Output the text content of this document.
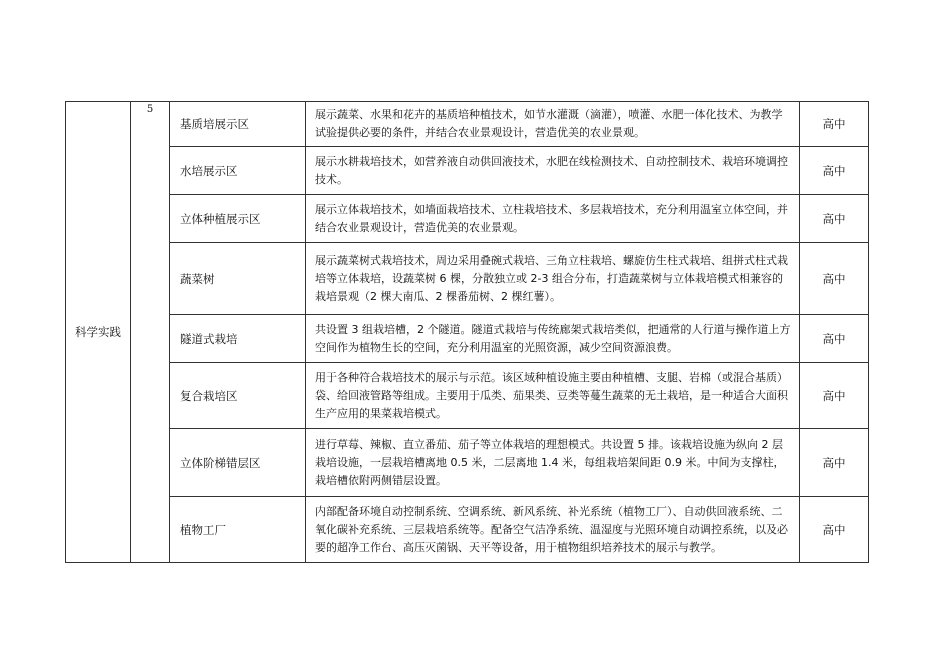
科学实践	5	基质培展示区	展示蔬菜、水果和花卉的基质培种植技术，如节水灌溉（滴灌），喷灌、水肥一体化技术、为教学试验提供必要的条件，并结合农业景观设计，营造优美的农业景观。	高中
		水培展示区	展示水耕栽培技术，如营养液自动供回液技术，水肥在线检测技术、自动控制技术、栽培环境调控技术。	高中
		立体种植展示区	展示立体栽培技术，如墙面栽培技术、立柱栽培技术、多层栽培技术，充分利用温室立体空间，并结合农业景观设计，营造优美的农业景观。	高中
		蔬菜树	展示蔬菜树式栽培技术，周边采用叠碗式栽培、三角立柱栽培、螺旋仿生柱式栽培、组拼式柱式栽培等立体栽培，设蔬菜树 6 棵，分散独立或 2-3 组合分布，打造蔬菜树与立体栽培模式相兼容的栽培景观（2 棵大南瓜、2 棵番茄树、2 棵红薯）。	高中
		隧道式栽培	共设置 3 组栽培槽，2 个隧道。隧道式栽培与传统廊架式栽培类似，把通常的人行道与操作道上方空间作为植物生长的空间，充分利用温室的光照资源，减少空间资源浪费。	高中
		复合栽培区	用于各种符合栽培技术的展示与示范。该区域种植设施主要由种植槽、支腿、岩棉（或混合基质）袋、给回液管路等组成。主要用于瓜类、茄果类、豆类等蔓生蔬菜的无土栽培，是一种适合大面积生产应用的果菜栽培模式。	高中
		立体阶梯错层区	进行草莓、辣椒、直立番茄、茄子等立体栽培的理想模式。共设置 5 排。该栽培设施为纵向 2 层栽培设施，一层栽培槽离地 0.5 米，二层离地 1.4 米，每组栽培架间距 0.9 米。中间为支撑柱，栽培槽依附两侧错层设置。	高中
		植物工厂	内部配备环境自动控制系统、空调系统、新风系统、补光系统（植物工厂）、自动供回液系统、二氧化碳补充系统、三层栽培系统等。配备空气洁净系统、温湿度与光照环境自动调控系统，以及必要的超净工作台、高压灭菌锅、天平等设备，用于植物组织培养技术的展示与教学。	高中
